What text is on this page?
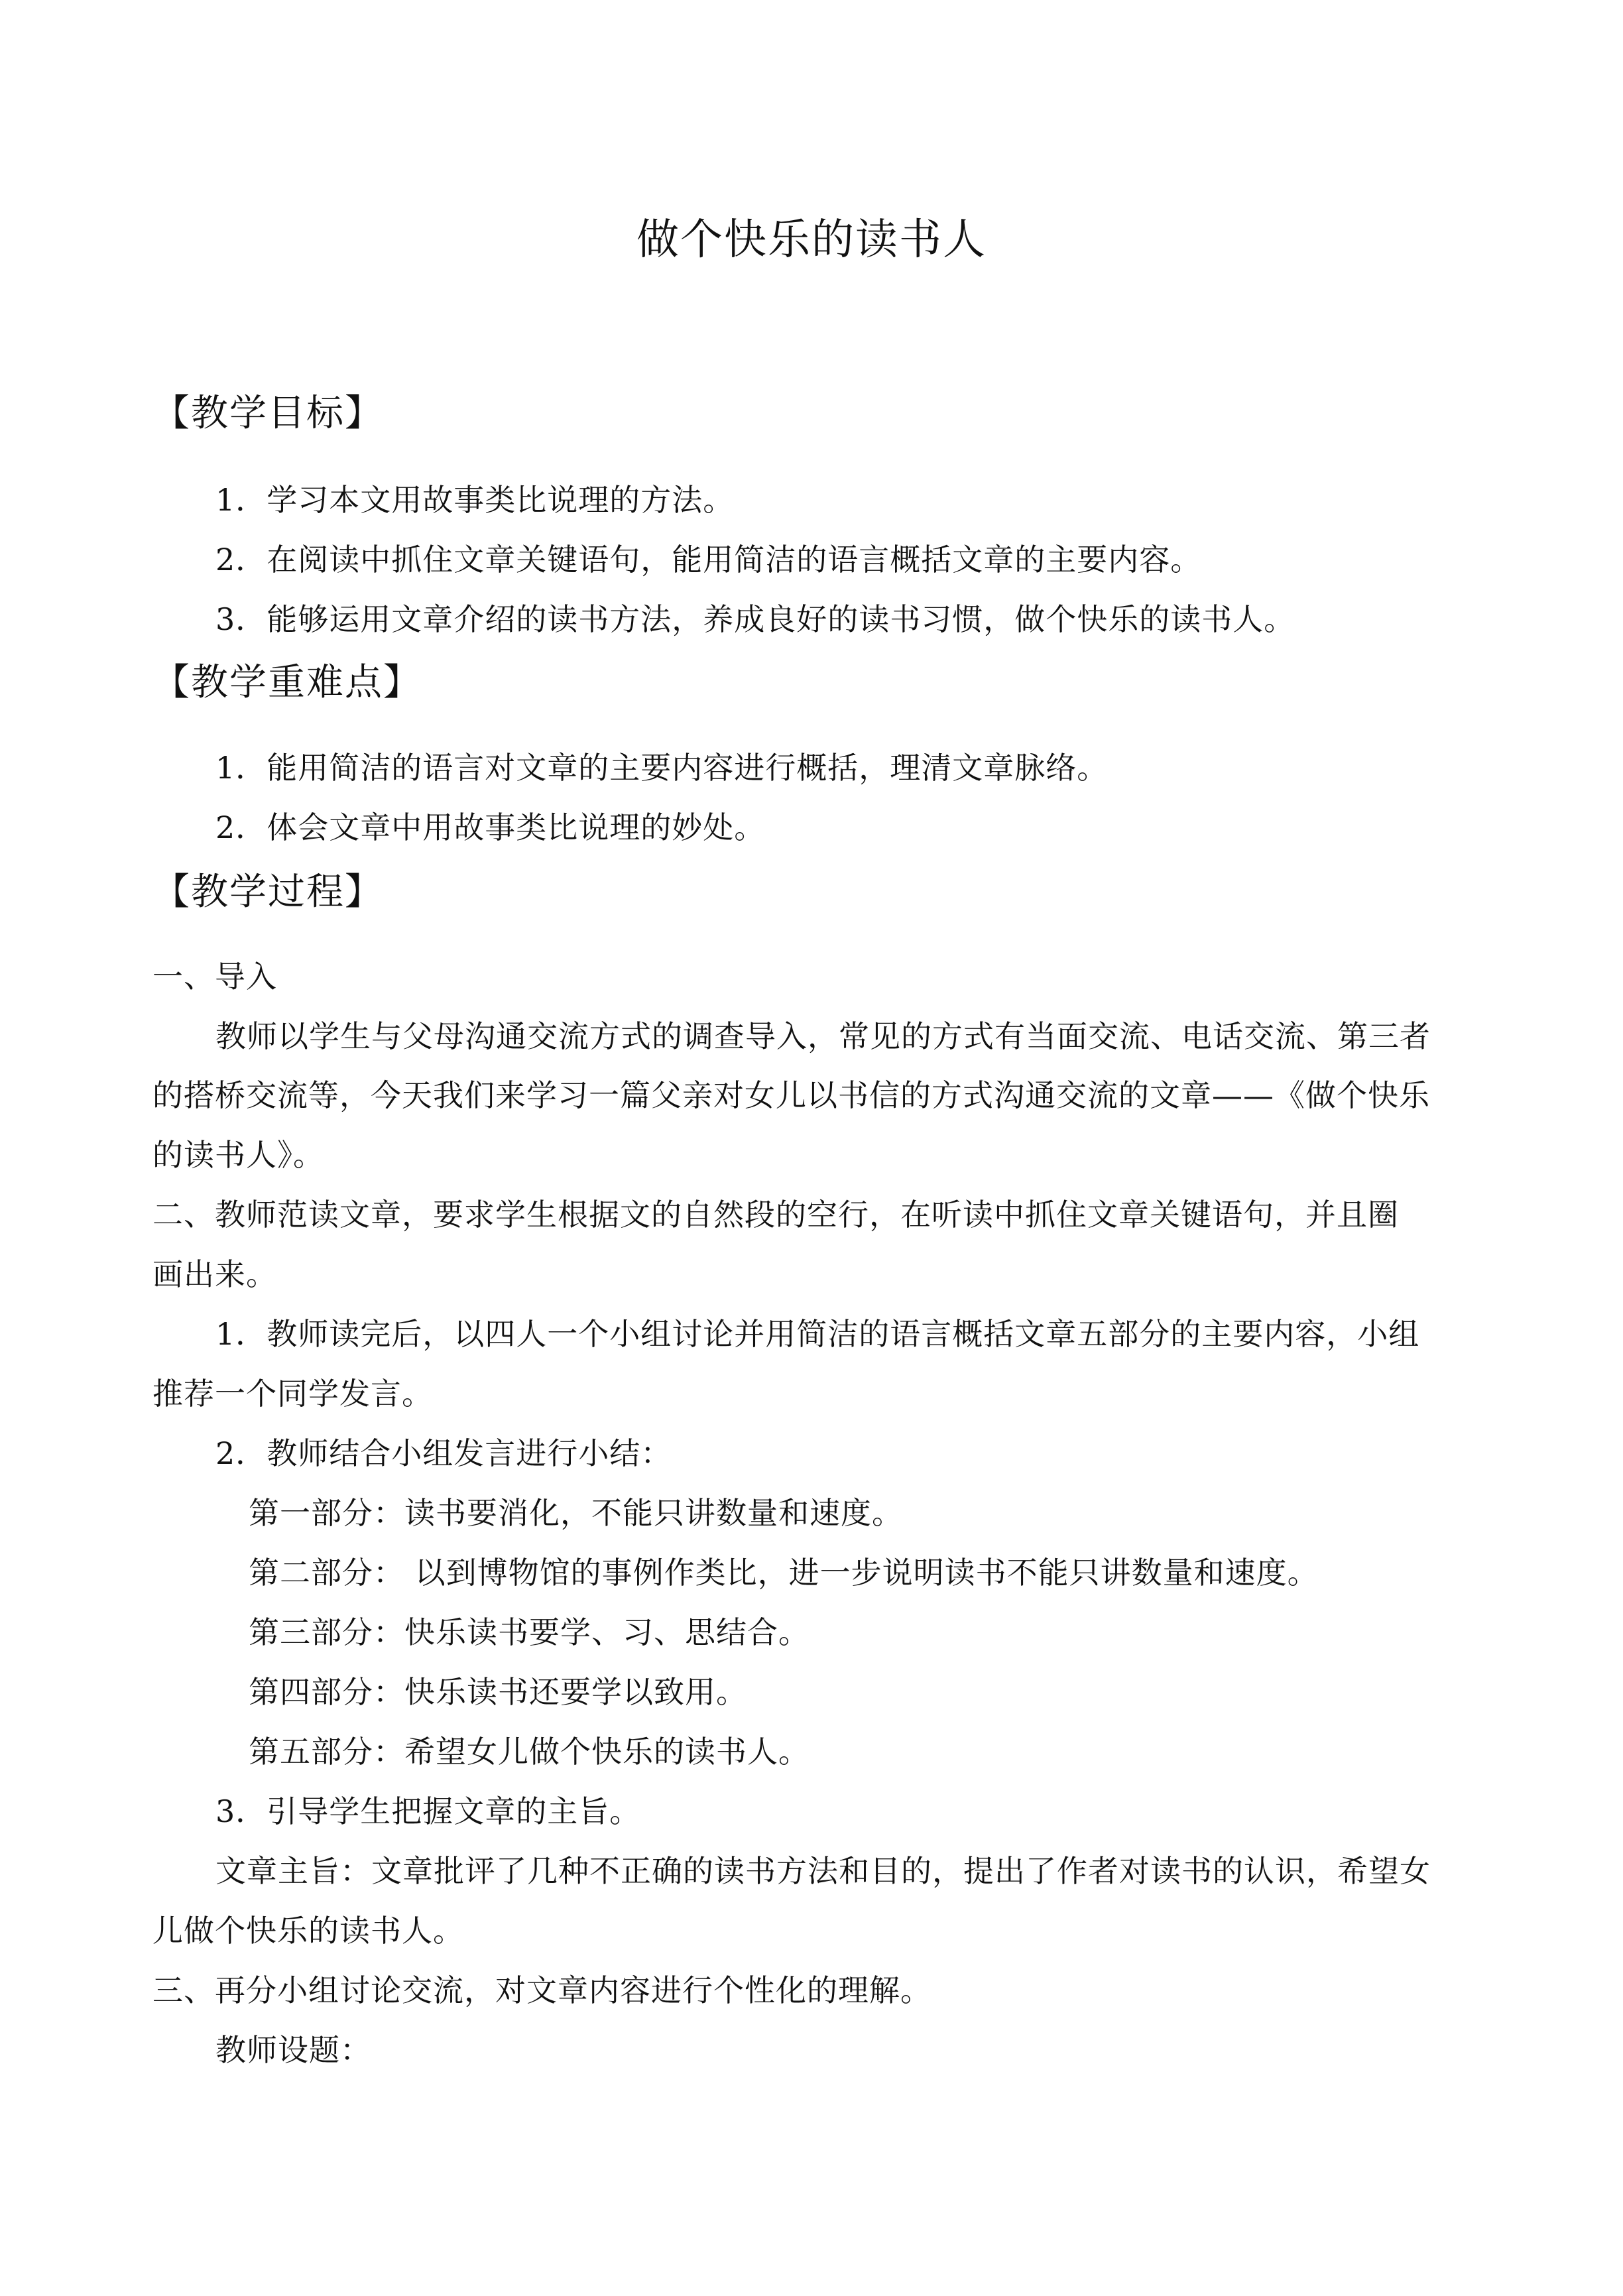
做个快乐的读书人
【教学目标】
1．学习本文用故事类比说理的方法。
2．在阅读中抓住文章关键语句，能用简洁的语言概括文章的主要内容。
3．能够运用文章介绍的读书方法，养成良好的读书习惯，做个快乐的读书人。
【教学重难点】
1．能用简洁的语言对文章的主要内容进行概括，理清文章脉络。
2．体会文章中用故事类比说理的妙处。
【教学过程】
一、导入
教师以学生与父母沟通交流方式的调查导入，常见的方式有当面交流、电话交流、第三者
的搭桥交流等，今天我们来学习一篇父亲对女儿以书信的方式沟通交流的文章——《做个快乐
的读书人》。
二、教师范读文章，要求学生根据文的自然段的空行，在听读中抓住文章关键语句，并且圈
画出来。
1．教师读完后，以四人一个小组讨论并用简洁的语言概括文章五部分的主要内容，小组
推荐一个同学发言。
2．教师结合小组发言进行小结：
第一部分：读书要消化，不能只讲数量和速度。
第二部分： 以到博物馆的事例作类比，进一步说明读书不能只讲数量和速度。
第三部分：快乐读书要学、习、思结合。
第四部分：快乐读书还要学以致用。
第五部分：希望女儿做个快乐的读书人。
3．引导学生把握文章的主旨。
文章主旨：文章批评了几种不正确的读书方法和目的，提出了作者对读书的认识，希望女
儿做个快乐的读书人。
三、再分小组讨论交流，对文章内容进行个性化的理解。
教师设题：
